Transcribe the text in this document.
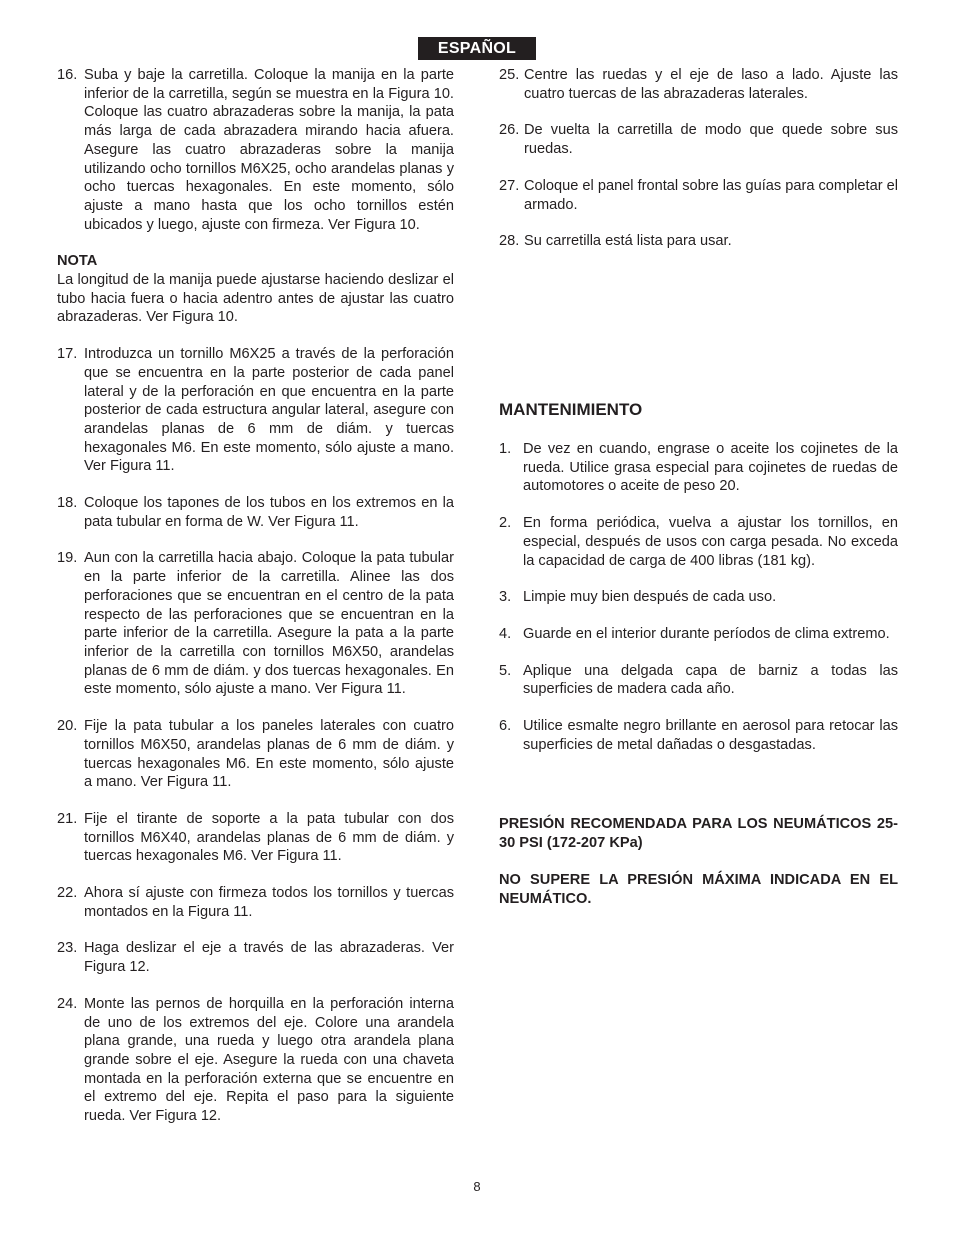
ESPAÑOL
16. Suba y baje la carretilla. Coloque la manija en la parte inferior de la carretilla, según se muestra en la Figura 10. Coloque las cuatro abrazaderas sobre la manija, la pata más larga de cada abrazadera mirando hacia afuera. Asegure las cuatro abrazaderas sobre la manija utilizando ocho tornillos M6X25, ocho arandelas planas y ocho tuercas hexagonales. En este momento, sólo ajuste a mano hasta que los ocho tornillos estén ubicados y luego, ajuste con firmeza. Ver Figura 10.
NOTA
La longitud de la manija puede ajustarse haciendo deslizar el tubo hacia fuera o hacia adentro antes de ajustar las cuatro abrazaderas. Ver Figura 10.
17. Introduzca un tornillo M6X25 a través de la perforación que se encuentra en la parte posterior de cada panel lateral y de la perforación en que encuentra en la parte posterior de cada estructura angular lateral, asegure con arandelas planas de 6 mm de diám. y tuercas hexagonales M6. En este momento, sólo ajuste a mano. Ver Figura 11.
18. Coloque los tapones de los tubos en los extremos en la pata tubular en forma de W. Ver Figura 11.
19. Aun con la carretilla hacia abajo. Coloque la pata tubular en la parte inferior de la carretilla. Alinee las dos perforaciones que se encuentran en el centro de la pata respecto de las perforaciones que se encuentran en la parte inferior de la carretilla. Asegure la pata a la parte inferior de la carretilla con tornillos M6X50, arandelas planas de 6 mm de diám. y dos tuercas hexagonales. En este momento, sólo ajuste a mano. Ver Figura 11.
20. Fije la pata tubular a los paneles laterales con cuatro tornillos M6X50, arandelas planas de 6 mm de diám. y tuercas hexagonales M6. En este momento, sólo ajuste a mano. Ver Figura 11.
21. Fije el tirante de soporte a la pata tubular con dos tornillos M6X40, arandelas planas de 6 mm de diám. y tuercas hexagonales M6. Ver Figura 11.
22. Ahora sí ajuste con firmeza todos los tornillos y tuercas montados en la Figura 11.
23. Haga deslizar el eje a través de las abrazaderas. Ver Figura 12.
24. Monte las pernos de horquilla en la perforación interna de uno de los extremos del eje. Colore una arandela plana grande, una rueda y luego otra arandela plana grande sobre el eje. Asegure la rueda con una chaveta montada en la perforación externa que se encuentre en el extremo del eje. Repita el paso para la siguiente rueda. Ver Figura 12.
25. Centre las ruedas y el eje de laso a lado. Ajuste las cuatro tuercas de las abrazaderas laterales.
26. De vuelta la carretilla de modo que quede sobre sus ruedas.
27. Coloque el panel frontal sobre las guías para completar el armado.
28. Su carretilla está lista para usar.
MANTENIMIENTO
1. De vez en cuando, engrase o aceite los cojinetes de la rueda. Utilice grasa especial para cojinetes de ruedas de automotores o aceite de peso 20.
2. En forma periódica, vuelva a ajustar los tornillos, en especial, después de usos con carga pesada. No exceda la capacidad de carga de 400 libras (181 kg).
3. Limpie muy bien después de cada uso.
4. Guarde en el interior durante períodos de clima extremo.
5. Aplique una delgada capa de barniz a todas las superficies de madera cada año.
6. Utilice esmalte negro brillante en aerosol para retocar las superficies de metal dañadas o desgastadas.
PRESIÓN RECOMENDADA PARA LOS NEUMÁTICOS 25-30 PSI (172-207 KPa)
NO SUPERE LA PRESIÓN MÁXIMA INDICADA EN EL NEUMÁTICO.
8
